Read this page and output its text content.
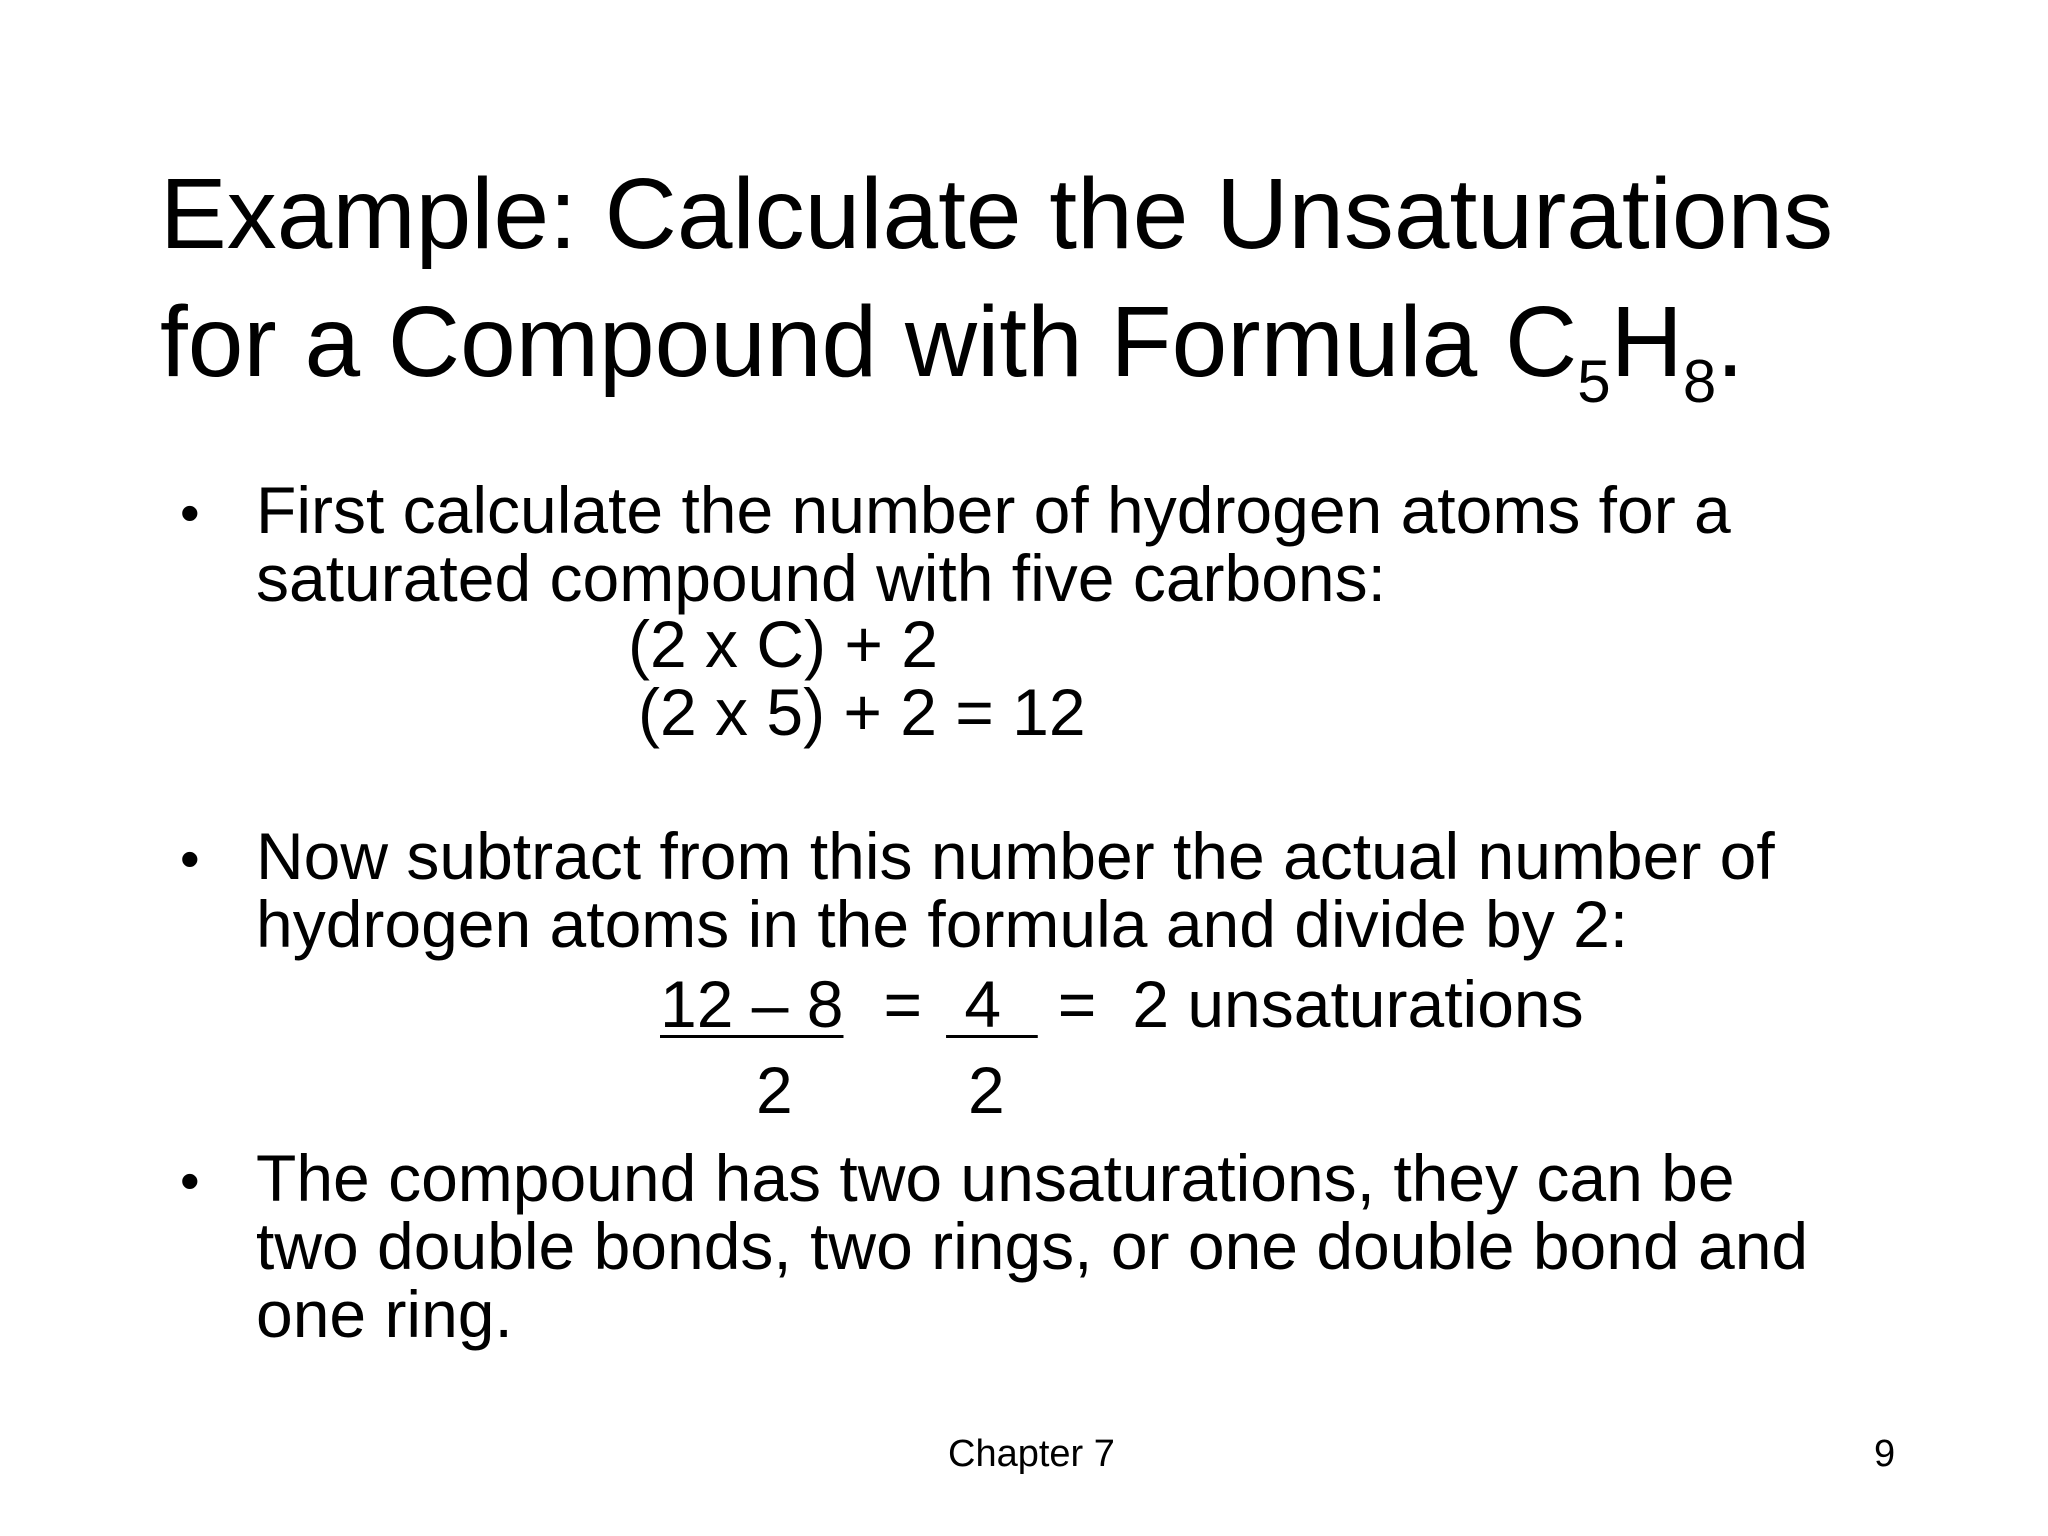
Example: Calculate the Unsaturations
for a Compound with Formula $C_5H_8$.
• First calculate the number of hydrogen atoms for a
saturated compound with five carbons:
(2 x C) + 2
(2 x 5) + 2 = 12
• Now subtract from this number the actual number of
hydrogen atoms in the formula and divide by 2:
12 – 8 = 4  = 2 unsaturations
2	2
• The compound has two unsaturations, they can be
two double bonds, two rings, or one double bond and
one ring.
Chapter 7	9
